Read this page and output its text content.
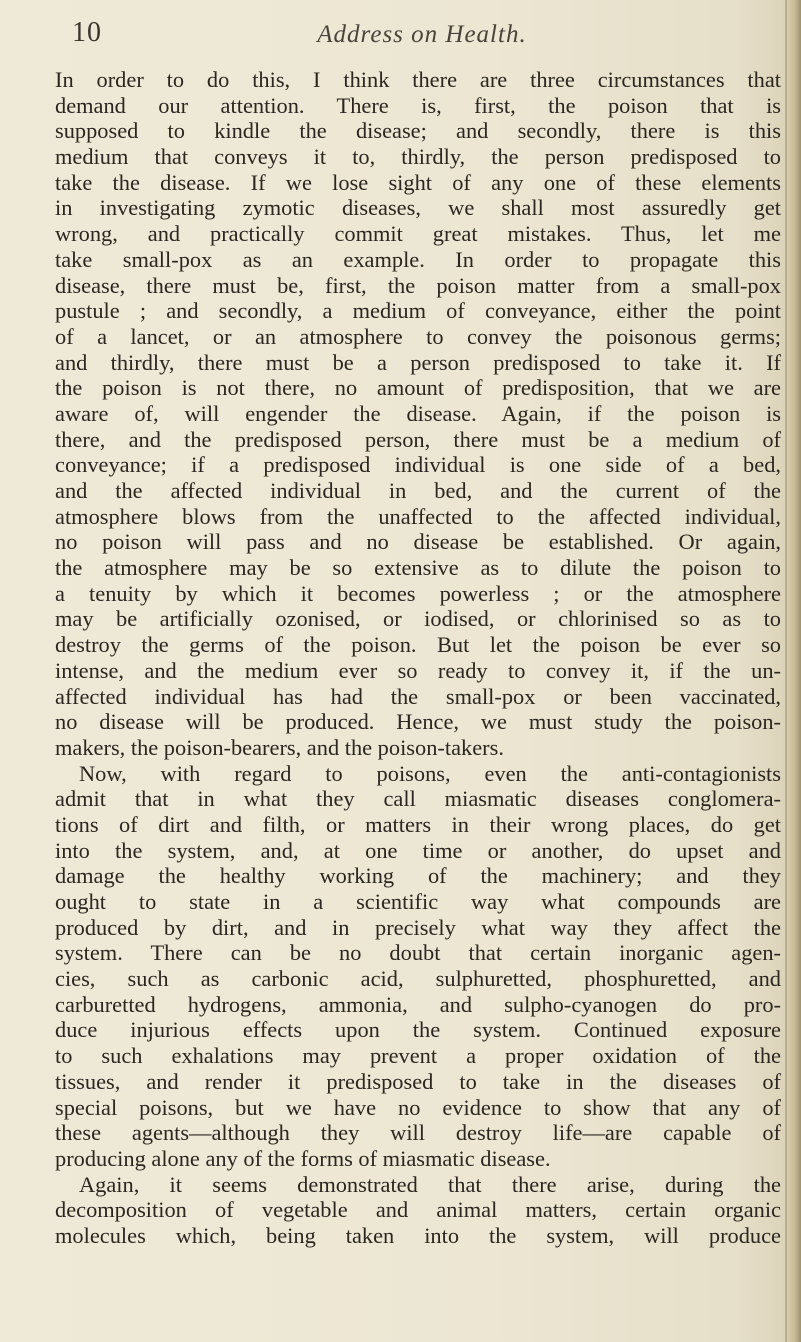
10	Address on Health.
In order to do this, I think there are three circumstances that
demand our attention. There is, first, the poison that is
supposed to kindle the disease; and secondly, there is this
medium that conveys it to, thirdly, the person predisposed to
take the disease. If we lose sight of any one of these elements
in investigating zymotic diseases, we shall most assuredly get
wrong, and practically commit great mistakes. Thus, let me
take small-pox as an example. In order to propagate this
disease, there must be, first, the poison matter from a small-pox
pustule ; and secondly, a medium of conveyance, either the point
of a lancet, or an atmosphere to convey the poisonous germs;
and thirdly, there must be a person predisposed to take it. If
the poison is not there, no amount of predisposition, that we are
aware of, will engender the disease. Again, if the poison is
there, and the predisposed person, there must be a medium of
conveyance; if a predisposed individual is one side of a bed,
and the affected individual in bed, and the current of the
atmosphere blows from the unaffected to the affected individual,
no poison will pass and no disease be established. Or again,
the atmosphere may be so extensive as to dilute the poison to
a tenuity by which it becomes powerless ; or the atmosphere
may be artificially ozonised, or iodised, or chlorinised so as to
destroy the germs of the poison. But let the poison be ever so
intense, and the medium ever so ready to convey it, if the un-
affected individual has had the small-pox or been vaccinated,
no disease will be produced. Hence, we must study the poison-
makers, the poison-bearers, and the poison-takers.
Now, with regard to poisons, even the anti-contagionists
admit that in what they call miasmatic diseases conglomera-
tions of dirt and filth, or matters in their wrong places, do get
into the system, and, at one time or another, do upset and
damage the healthy working of the machinery; and they
ought to state in a scientific way what compounds are
produced by dirt, and in precisely what way they affect the
system. There can be no doubt that certain inorganic agen-
cies, such as carbonic acid, sulphuretted, phosphuretted, and
carburetted hydrogens, ammonia, and sulpho-cyanogen do pro-
duce injurious effects upon the system. Continued exposure
to such exhalations may prevent a proper oxidation of the
tissues, and render it predisposed to take in the diseases of
special poisons, but we have no evidence to show that any of
these agents—although they will destroy life—are capable of
producing alone any of the forms of miasmatic disease.
Again, it seems demonstrated that there arise, during the
decomposition of vegetable and animal matters, certain organic
molecules which, being taken into the system, will produce
